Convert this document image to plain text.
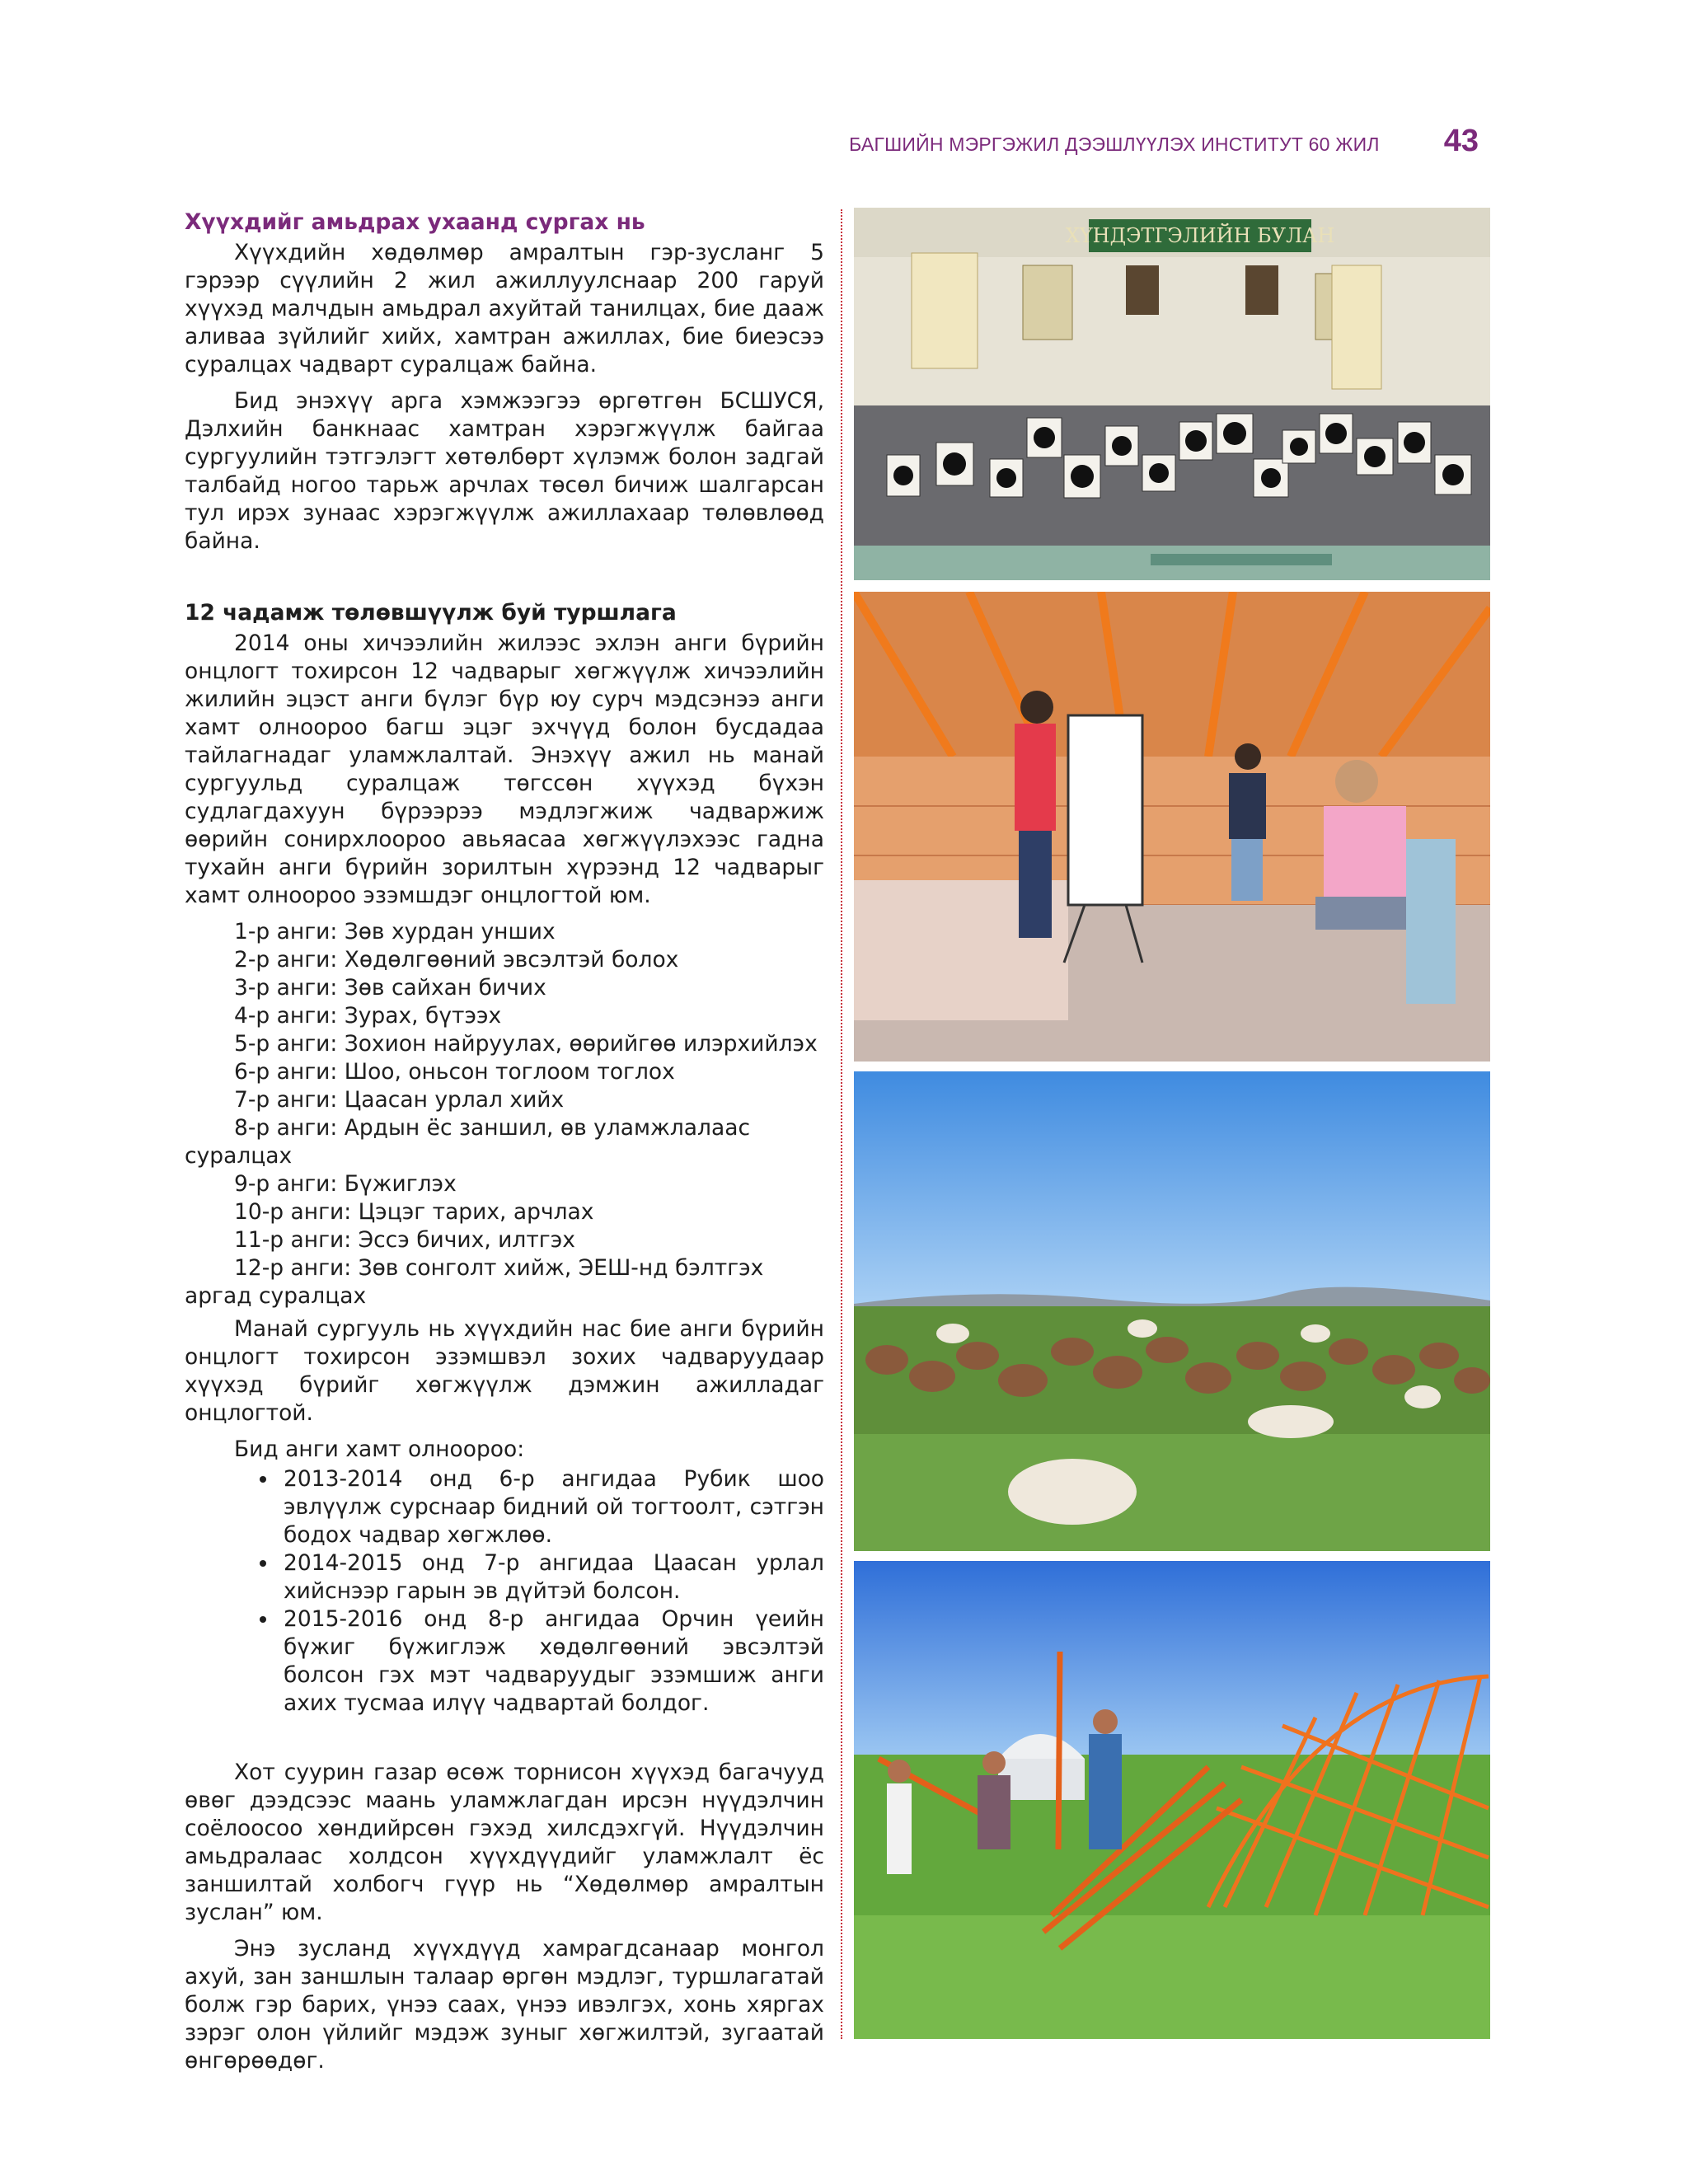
БАГШИЙН МЭРГЭЖИЛ ДЭЭШЛҮҮЛЭХ ИНСТИТУТ 60 ЖИЛ 43
Хүүхдийг амьдрах ухаанд сургах нь

Хүүхдийн хөдөлмөр амралтын гэр-зусланг 5 гэрээр сүүлийн 2 жил ажиллуулснаар 200 гаруй хүүхэд малчдын амьдрал ахуйтай танилцах, бие дааж аливаа зүйлийг хийх, хамтран ажиллах, бие биеэсээ суралцах чадварт суралцаж байна.

Бид энэхүү арга хэмжээгээ өргөтгөн БСШУСЯ, Дэлхийн банкнаас хамтран хэрэгжүүлж байгаа сургуулийн тэтгэлэгт хөтөлбөрт хүлэмж болон задгай талбайд ногоо тарьж арчлах төсөл бичиж шалгарсан тул ирэх зунаас хэрэгжүүлж ажиллахаар төлөвлөөд байна.

12 чадамж төлөвшүүлж буй туршлага

2014 оны хичээлийн жилээс эхлэн анги бүрийн онцлогт тохирсон 12 чадварыг хөгжүүлж хичээлийн жилийн эцэст анги бүлэг бүр юу сурч мэдсэнээ анги хамт олноороо багш эцэг эхчүүд болон бусдадаа тайлагнадаг уламжлалтай. Энэхүү ажил нь манай сургуульд суралцаж төгссөн хүүхэд бүхэн судлагдахуун бүрээрээ мэдлэгжиж чадваржиж өөрийн сонирхлоороо авьяасаа хөгжүүлэхээс гадна тухайн анги бүрийн зорилтын хүрээнд 12 чадварыг хамт олноороо эзэмшдэг онцлогтой юм.

1-р анги: Зөв хурдан унших
2-р анги: Хөдөлгөөний эвсэлтэй болох
3-р анги: Зөв сайхан бичих
4-р анги: Зурах, бүтээх
5-р анги: Зохион найруулах, өөрийгөө илэрхийлэх
6-р анги: Шоо, оньсон тоглоом тоглох
7-р анги: Цаасан урлал хийх
8-р анги: Ардын ёс заншил, өв уламжлалаас суралцах
9-р анги: Бүжиглэх
10-р анги: Цэцэг тарих, арчлах
11-р анги: Эссэ бичих, илтгэх
12-р анги: Зөв сонголт хийж, ЭЕШ-нд бэлтгэх аргад суралцах

Манай сургууль нь хүүхдийн нас бие анги бүрийн онцлогт тохирсон эзэмшвэл зохих чадваруудаар хүүхэд бүрийг хөгжүүлж дэмжин ажилладаг онцлогтой.

Бид анги хамт олноороо:

• 2013-2014 онд 6-р ангидаа Рубик шоо эвлүүлж сурснаар бидний ой тогтоолт, сэтгэн бодох чадвар хөгжлөө.
• 2014-2015 онд 7-р ангидаа Цаасан урлал хийснээр гарын эв дүйтэй болсон.
• 2015-2016 онд 8-р ангидаа Орчин үеийн бүжиг бүжиглэж хөдөлгөөний эвсэлтэй болсон гэх мэт чадваруудыг эзэмшиж анги ахих тусмаа илүү чадвартай болдог.

Хот суурин газар өсөж торнисон хүүхэд багачууд өвөг дээдсээс маань уламжлагдан ирсэн нүүдэлчин соёлоосоо хөндийрсөн гэхэд хилсдэхгүй. Нүүдэлчин амьдралаас холдсон хүүхдүүдийг уламжлалт ёс заншилтай холбогч гүүр нь “Хөдөлмөр амралтын зуслан” юм.

Энэ зусланд хүүхдүүд хамрагдсанаар монгол ахуй, зан заншлын талаар өргөн мэдлэг, туршлагатай болж гэр барих, үнээ саах, үнээ ивэлгэх, хонь хяргах зэрэг олон үйлийг мэдэж зуныг хөгжилтэй, зугаатай өнгөрөөдөг.

ХҮНДЭТГЭЛИЙН БУЛАН
